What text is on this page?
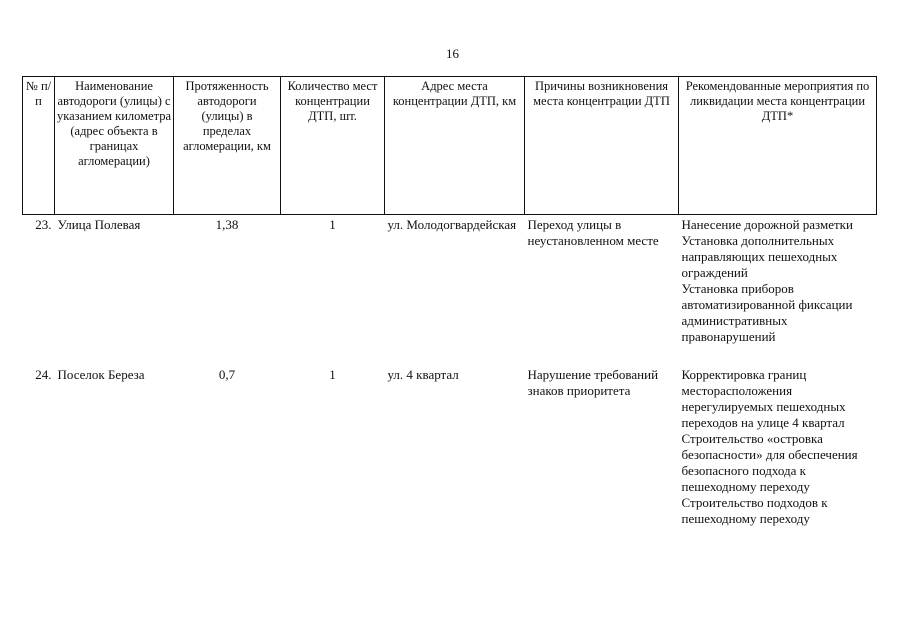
16
№ п/п	Наименование автодороги (улицы) с указанием километра (адрес объекта в границах агломерации)	Протяженность автодороги (улицы) в пределах агломерации, км	Количество мест концентрации ДТП, шт.	Адрес места концентрации ДТП, км	Причины возникновения места концентрации ДТП	Рекомендованные мероприятия по ликвидации места концентрации ДТП*
23.	Улица Полевая	1,38	1	ул. Молодогвардейская	Переход улицы в неустановленном месте	Нанесение дорожной разметки
Установка дополнительных направляющих пешеходных ограждений
Установка приборов автоматизированной фиксации административных правонарушений

24.	Поселок Береза	0,7	1	ул. 4 квартал	Нарушение требований знаков приоритета	Корректировка границ месторасположения нерегулируемых пешеходных переходов на улице 4 квартал
Строительство «островка безопасности» для обеспечения безопасного подхода к пешеходному переходу
Строительство подходов к пешеходному переходу
